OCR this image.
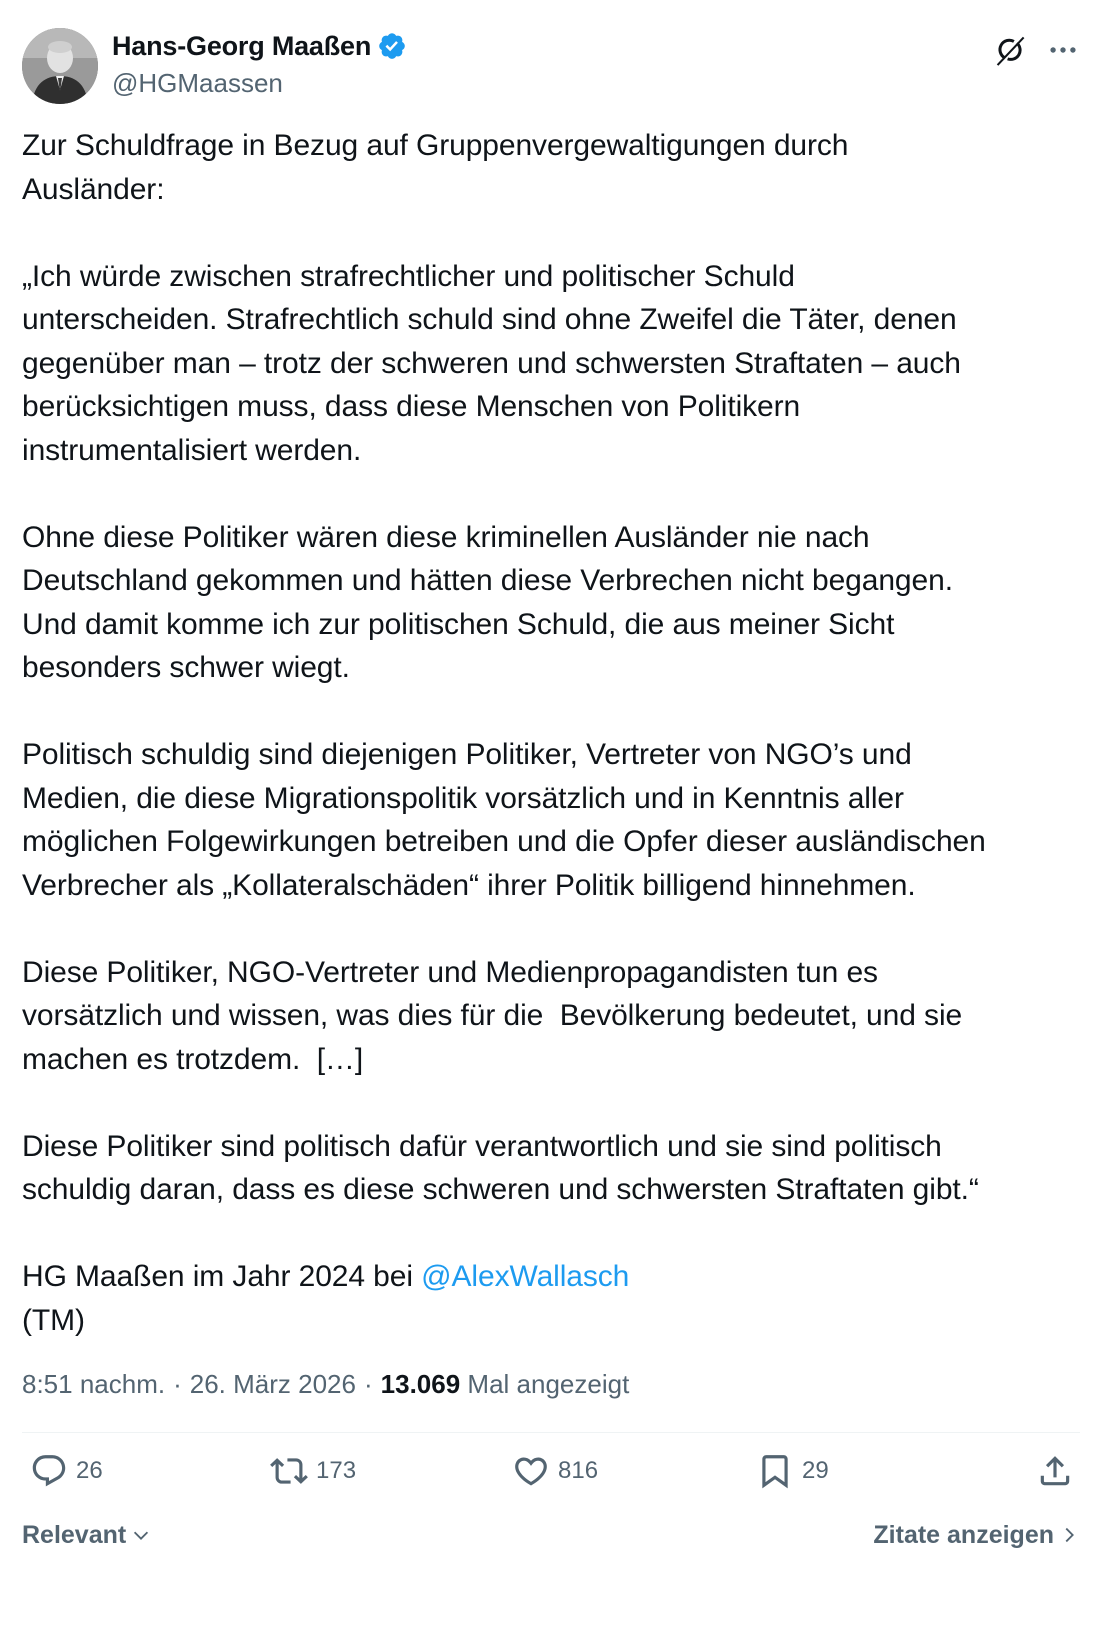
Hans-Georg Maaßen
@HGMaassen
Zur Schuldfrage in Bezug auf Gruppenvergewaltigungen durch
Ausländer:

„Ich würde zwischen strafrechtlicher und politischer Schuld
unterscheiden. Strafrechtlich schuld sind ohne Zweifel die Täter, denen
gegenüber man – trotz der schweren und schwersten Straftaten – auch
berücksichtigen muss, dass diese Menschen von Politikern
instrumentalisiert werden.

Ohne diese Politiker wären diese kriminellen Ausländer nie nach
Deutschland gekommen und hätten diese Verbrechen nicht begangen.
Und damit komme ich zur politischen Schuld, die aus meiner Sicht
besonders schwer wiegt.

Politisch schuldig sind diejenigen Politiker, Vertreter von NGO’s und
Medien, die diese Migrationspolitik vorsätzlich und in Kenntnis aller
möglichen Folgewirkungen betreiben und die Opfer dieser ausländischen
Verbrecher als „Kollateralschäden“ ihrer Politik billigend hinnehmen.

Diese Politiker, NGO-Vertreter und Medienpropagandisten tun es
vorsätzlich und wissen, was dies für die  Bevölkerung bedeutet, und sie
machen es trotzdem.  […]

Diese Politiker sind politisch dafür verantwortlich und sie sind politisch
schuldig daran, dass es diese schweren und schwersten Straftaten gibt.“

HG Maaßen im Jahr 2024 bei @AlexWallasch
(TM)
8:51 nachm. · 26. März 2026 · 13.069 Mal angezeigt
26	173	816	29
Relevant	Zitate anzeigen
